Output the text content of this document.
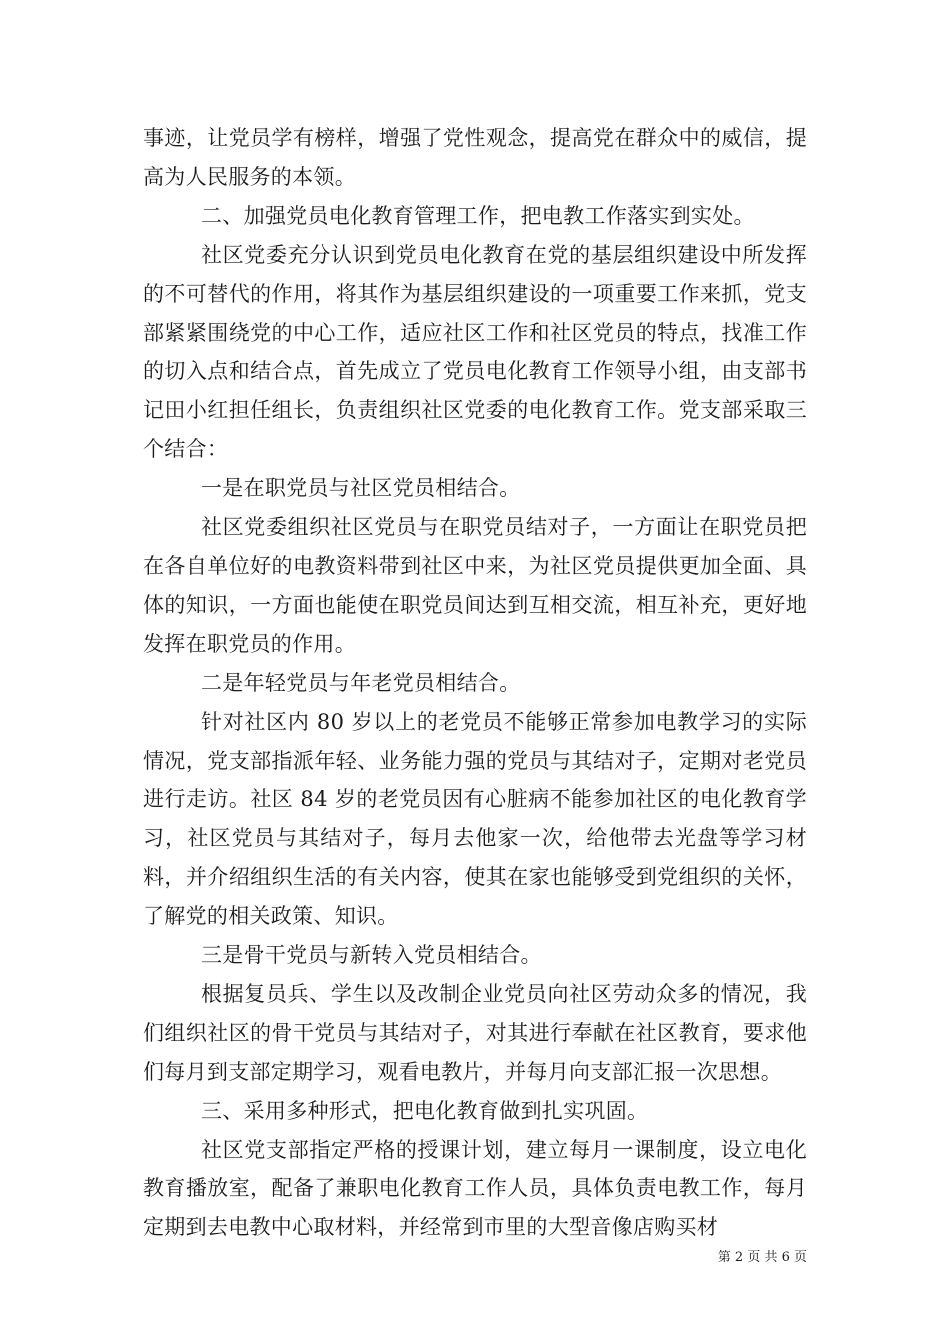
事迹，让党员学有榜样，增强了党性观念，提高党在群众中的威信，提高为人民服务的本领。

二、加强党员电化教育管理工作，把电教工作落实到实处。

社区党委充分认识到党员电化教育在党的基层组织建设中所发挥的不可替代的作用，将其作为基层组织建设的一项重要工作来抓，党支部紧紧围绕党的中心工作，适应社区工作和社区党员的特点，找准工作的切入点和结合点，首先成立了党员电化教育工作领导小组，由支部书记田小红担任组长，负责组织社区党委的电化教育工作。党支部采取三个结合：

一是在职党员与社区党员相结合。

社区党委组织社区党员与在职党员结对子，一方面让在职党员把在各自单位好的电教资料带到社区中来，为社区党员提供更加全面、具体的知识，一方面也能使在职党员间达到互相交流，相互补充，更好地发挥在职党员的作用。

二是年轻党员与年老党员相结合。

针对社区内 80 岁以上的老党员不能够正常参加电教学习的实际情况，党支部指派年轻、业务能力强的党员与其结对子，定期对老党员进行走访。社区 84 岁的老党员因有心脏病不能参加社区的电化教育学习，社区党员与其结对子，每月去他家一次，给他带去光盘等学习材料，并介绍组织生活的有关内容，使其在家也能够受到党组织的关怀，了解党的相关政策、知识。

三是骨干党员与新转入党员相结合。

根据复员兵、学生以及改制企业党员向社区劳动众多的情况，我们组织社区的骨干党员与其结对子，对其进行奉献在社区教育，要求他们每月到支部定期学习，观看电教片，并每月向支部汇报一次思想。

三、采用多种形式，把电化教育做到扎实巩固。

社区党支部指定严格的授课计划，建立每月一课制度，设立电化教育播放室，配备了兼职电化教育工作人员，具体负责电教工作，每月定期到去电教中心取材料，并经常到市里的大型音像店购买材

第 2 页 共 6 页
